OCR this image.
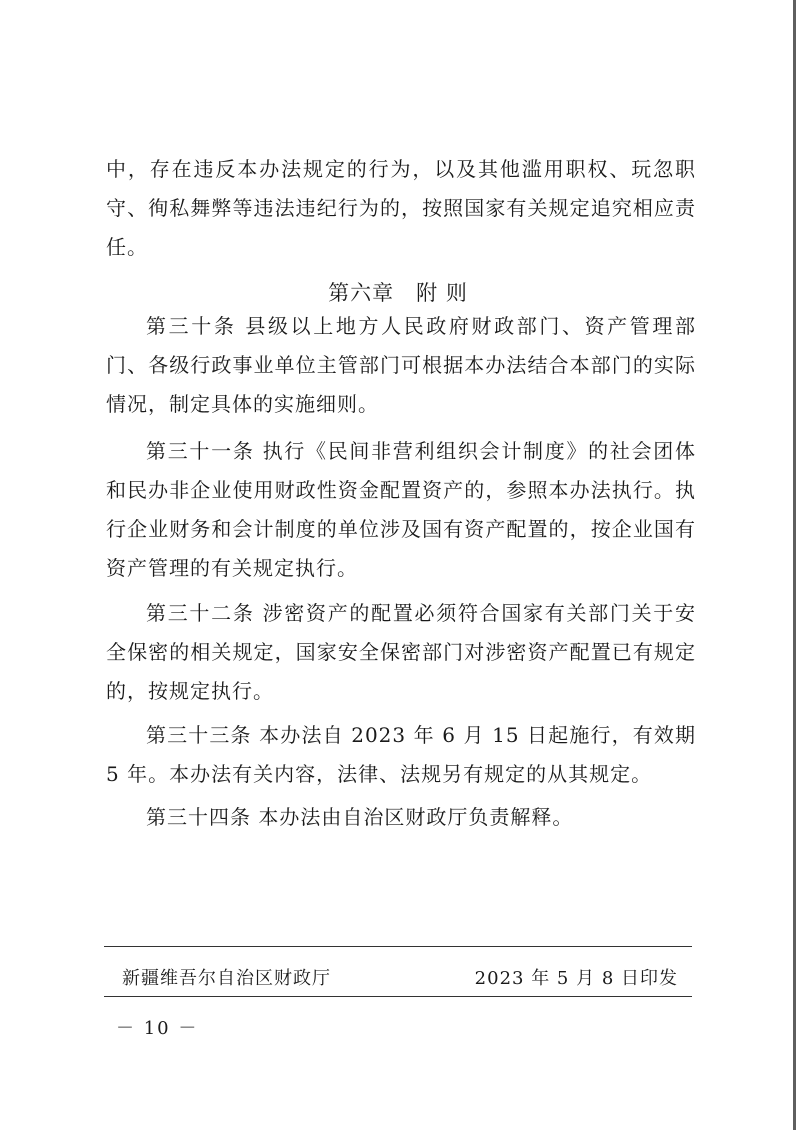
中，存在违反本办法规定的行为，以及其他滥用职权、玩忽职守、徇私舞弊等违法违纪行为的，按照国家有关规定追究相应责任。

第六章　附 则

第三十条 县级以上地方人民政府财政部门、资产管理部门、各级行政事业单位主管部门可根据本办法结合本部门的实际情况，制定具体的实施细则。

第三十一条 执行《民间非营利组织会计制度》的社会团体和民办非企业使用财政性资金配置资产的，参照本办法执行。执行企业财务和会计制度的单位涉及国有资产配置的，按企业国有资产管理的有关规定执行。

第三十二条 涉密资产的配置必须符合国家有关部门关于安全保密的相关规定，国家安全保密部门对涉密资产配置已有规定的，按规定执行。

第三十三条 本办法自 2023 年 6 月 15 日起施行，有效期 5 年。本办法有关内容，法律、法规另有规定的从其规定。

第三十四条 本办法由自治区财政厅负责解释。

新疆维吾尔自治区财政厅	2023 年 5 月 8 日印发
－ 10 －
